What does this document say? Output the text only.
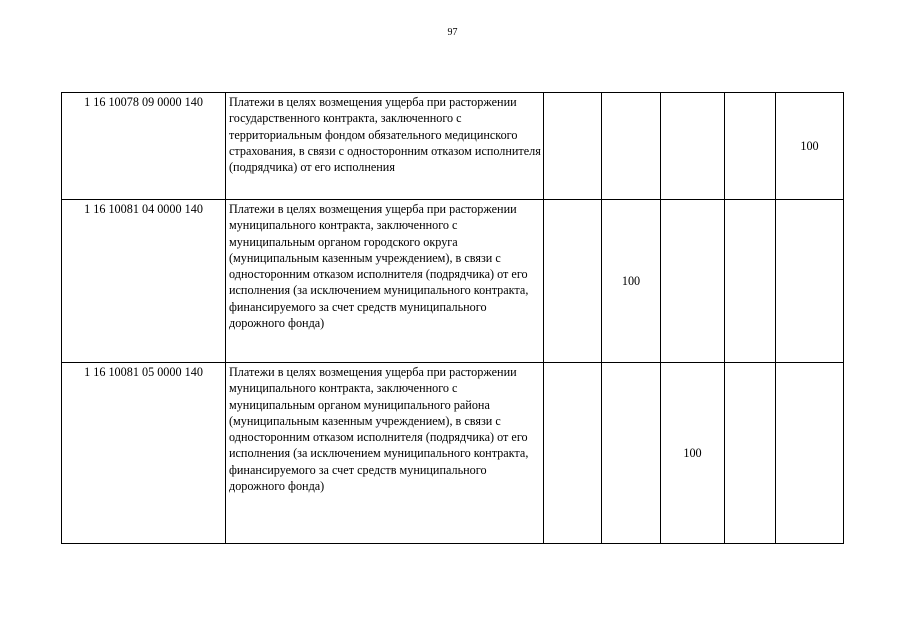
97
1 16 10078 09 0000 140	Платежи в целях возмещения ущерба при расторжении государственного контракта, заключенного с территориальным фондом обязательного медицинского страхования, в связи с односторонним отказом исполнителя (подрядчика) от его исполнения					100
1 16 10081 04 0000 140	Платежи в целях возмещения ущерба при расторжении муниципального контракта, заключенного с муниципальным органом городского округа (муниципальным казенным учреждением), в связи с односторонним отказом исполнителя (подрядчика) от его исполнения (за исключением муниципального контракта, финансируемого за счет средств муниципального дорожного фонда)		100			
1 16 10081 05 0000 140	Платежи в целях возмещения ущерба при расторжении муниципального контракта, заключенного с муниципальным органом муниципального района (муниципальным казенным учреждением), в связи с односторонним отказом исполнителя (подрядчика) от его исполнения (за исключением муниципального контракта, финансируемого за счет средств муниципального дорожного фонда)			100		
